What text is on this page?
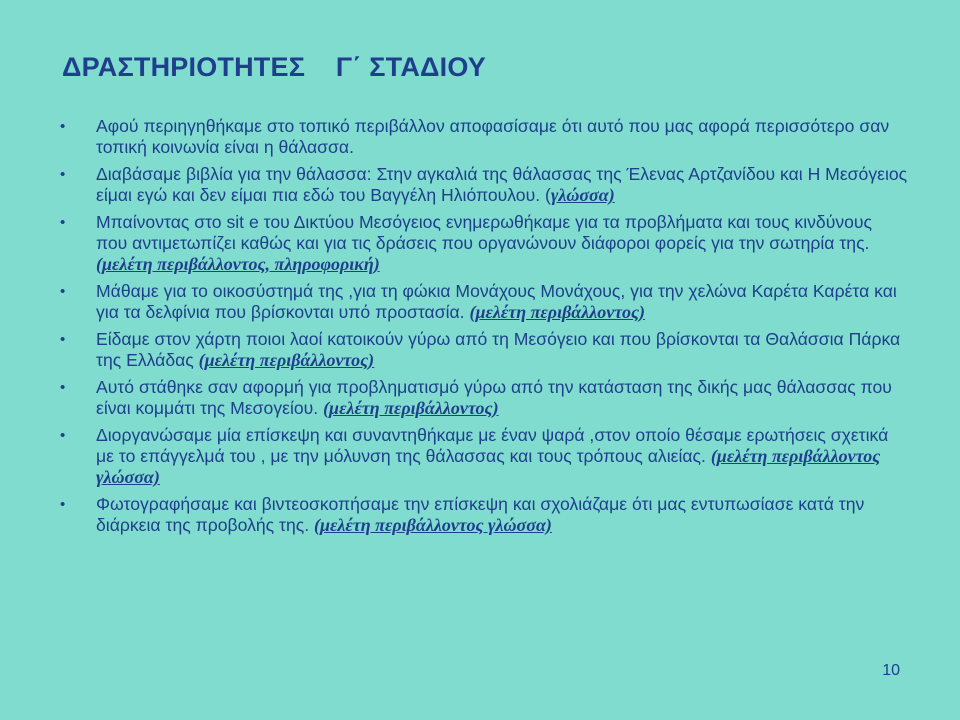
ΔΡΑΣΤΗΡΙΟΤΗΤΕΣ    Γ΄ ΣΤΑΔΙΟΥ
• Αφού περιηγηθήκαμε στο τοπικό περιβάλλον αποφασίσαμε ότι αυτό που μας αφορά περισσότερο σαν τοπική κοινωνία είναι η θάλασσα.
• Διαβάσαμε βιβλία για την θάλασσα: Στην αγκαλιά της θάλασσας της Έλενας Αρτζανίδου και Η Μεσόγειος είμαι εγώ και δεν είμαι πια εδώ του Βαγγέλη Ηλιόπουλου. (γλώσσα)
• Μπαίνοντας στο sit e του Δικτύου Μεσόγειος ενημερωθήκαμε για τα προβλήματα και τους κινδύνους που αντιμετωπίζει καθώς και για τις δράσεις που οργανώνουν διάφοροι φορείς για την σωτηρία της. (μελέτη περιβάλλοντος, πληροφορική)
• Μάθαμε για το οικοσύστημά της ,για τη φώκια Μονάχους Μονάχους, για την χελώνα Καρέτα Καρέτα και για τα δελφίνια που βρίσκονται υπό προστασία. (μελέτη περιβάλλοντος)
• Είδαμε στον χάρτη ποιοι λαοί κατοικούν γύρω από τη Μεσόγειο και που βρίσκονται τα Θαλάσσια Πάρκα της Ελλάδας (μελέτη περιβάλλοντος)
• Αυτό στάθηκε σαν αφορμή για προβληματισμό γύρω από την κατάσταση της δικής μας θάλασσας που είναι κομμάτι της Μεσογείου. (μελέτη περιβάλλοντος)
• Διοργανώσαμε μία επίσκεψη και συναντηθήκαμε με έναν ψαρά ,στον οποίο θέσαμε ερωτήσεις σχετικά με το επάγγελμά του , με την μόλυνση της θάλασσας και τους τρόπους αλιείας. (μελέτη περιβάλλοντος γλώσσα)
• Φωτογραφήσαμε και βιντεοσκοπήσαμε την επίσκεψη και σχολιάζαμε ότι μας εντυπωσίασε κατά την διάρκεια της προβολής της. (μελέτη περιβάλλοντος γλώσσα)
10
